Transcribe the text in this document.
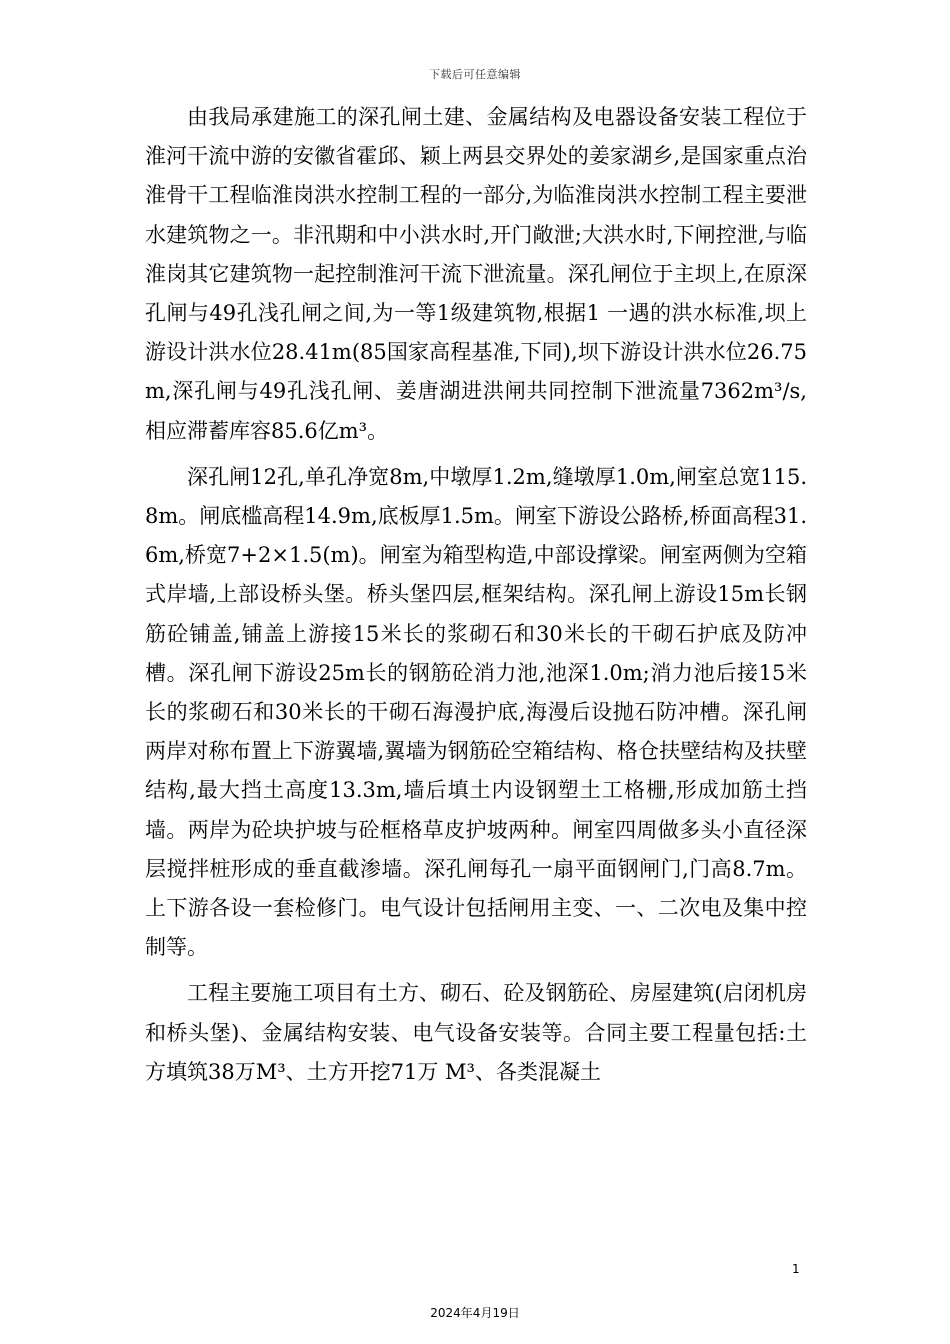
下载后可任意编辑

由我局承建施工的深孔闸土建、金属结构及电器设备安装工程位于淮河干流中游的安徽省霍邱、颖上两县交界处的姜家湖乡,是国家重点治淮骨干工程临淮岗洪水控制工程的一部分,为临淮岗洪水控制工程主要泄水建筑物之一。非汛期和中小洪水时,开门敞泄;大洪水时,下闸控泄,与临淮岗其它建筑物一起控制淮河干流下泄流量。深孔闸位于主坝上,在原深孔闸与49孔浅孔闸之间,为一等1级建筑物,根据1 一遇的洪水标准,坝上游设计洪水位28.41m(85国家高程基准,下同),坝下游设计洪水位26.75m,深孔闸与49孔浅孔闸、姜唐湖进洪闸共同控制下泄流量7362m³/s,相应滞蓄库容85.6亿m³。

深孔闸12孔,单孔净宽8m,中墩厚1.2m,缝墩厚1.0m,闸室总宽115.8m。闸底槛高程14.9m,底板厚1.5m。闸室下游设公路桥,桥面高程31.6m,桥宽7+2×1.5(m)。闸室为箱型构造,中部设撑梁。闸室两侧为空箱式岸墙,上部设桥头堡。桥头堡四层,框架结构。深孔闸上游设15m长钢筋砼铺盖,铺盖上游接15米长的浆砌石和30米长的干砌石护底及防冲槽。深孔闸下游设25m长的钢筋砼消力池,池深1.0m;消力池后接15米长的浆砌石和30米长的干砌石海漫护底,海漫后设抛石防冲槽。深孔闸两岸对称布置上下游翼墙,翼墙为钢筋砼空箱结构、格仓扶壁结构及扶壁结构,最大挡土高度13.3m,墙后填土内设钢塑土工格栅,形成加筋土挡墙。两岸为砼块护坡与砼框格草皮护坡两种。闸室四周做多头小直径深层搅拌桩形成的垂直截渗墙。深孔闸每孔一扇平面钢闸门,门高8.7m。上下游各设一套检修门。电气设计包括闸用主变、一、二次电及集中控制等。

工程主要施工项目有土方、砌石、砼及钢筋砼、房屋建筑(启闭机房和桥头堡)、金属结构安装、电气设备安装等。合同主要工程量包括:土方填筑38万M³、土方开挖71万 M³、各类混凝土

1
2024年4月19日
